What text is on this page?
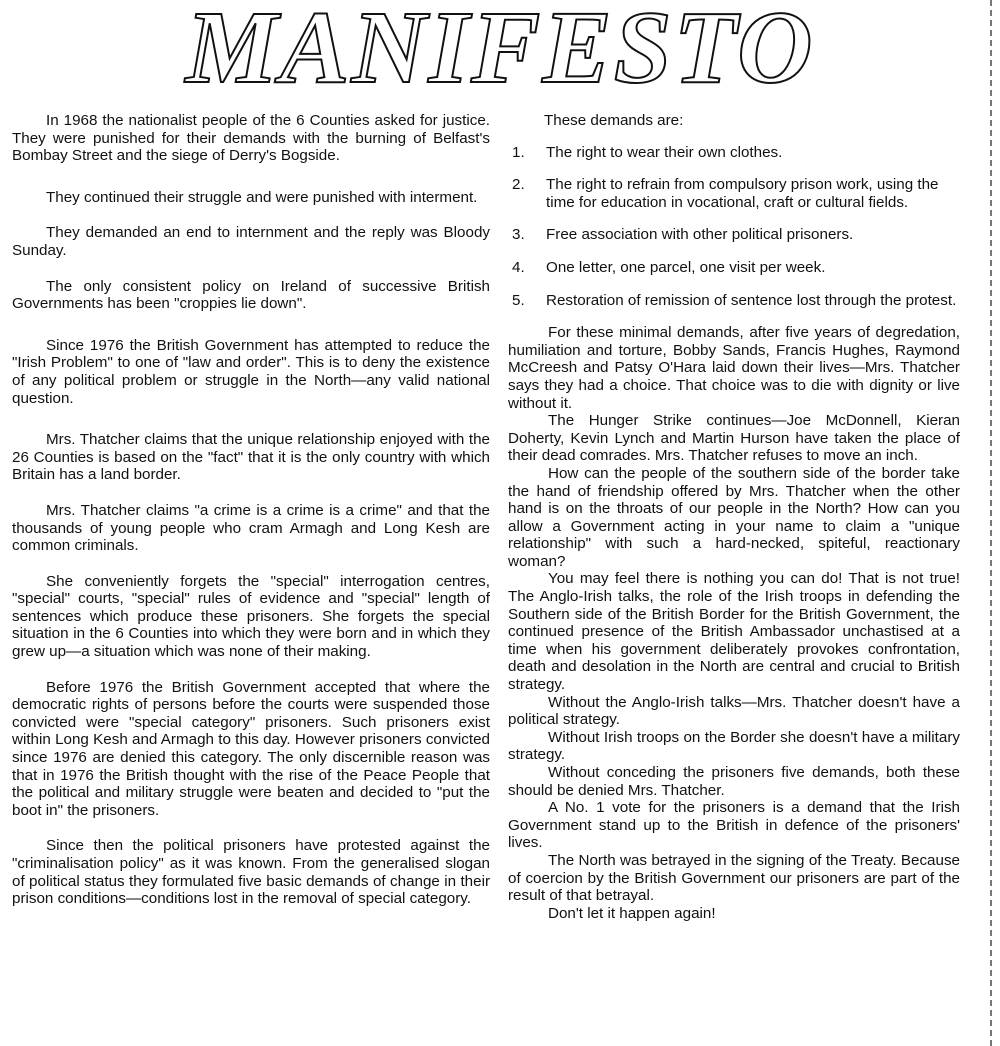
MANIFESTO

In 1968 the nationalist people of the 6 Counties asked for justice. They were punished for their demands with the burning of Belfast's Bombay Street and the siege of Derry's Bogside.

They continued their struggle and were punished with interment.

They demanded an end to internment and the reply was Bloody Sunday.

The only consistent policy on Ireland of successive British Governments has been "croppies lie down".

Since 1976 the British Government has attempted to reduce the "Irish Problem" to one of "law and order". This is to deny the existence of any political problem or struggle in the North—any valid national question.

Mrs. Thatcher claims that the unique relationship enjoyed with the 26 Counties is based on the "fact" that it is the only country with which Britain has a land border.

Mrs. Thatcher claims "a crime is a crime is a crime" and that the thousands of young people who cram Armagh and Long Kesh are common criminals.

She conveniently forgets the "special" interrogation centres, "special" courts, "special" rules of evidence and "special" length of sentences which produce these prisoners. She forgets the special situation in the 6 Counties into which they were born and in which they grew up—a situation which was none of their making.

Before 1976 the British Government accepted that where the democratic rights of persons before the courts were suspended those convicted were "special category" prisoners. Such prisoners exist within Long Kesh and Armagh to this day. However prisoners convicted since 1976 are denied this category. The only discernible reason was that in 1976 the British thought with the rise of the Peace People that the political and military struggle were beaten and decided to "put the boot in" the prisoners.

Since then the political prisoners have protested against the "criminalisation policy" as it was known. From the generalised slogan of political status they formulated five basic demands of change in their prison conditions—conditions lost in the removal of special category.

These demands are:
1. The right to wear their own clothes.
2. The right to refrain from compulsory prison work, using the time for education in vocational, craft or cultural fields.
3. Free association with other political prisoners.
4. One letter, one parcel, one visit per week.
5. Restoration of remission of sentence lost through the protest.

For these minimal demands, after five years of degredation, humiliation and torture, Bobby Sands, Francis Hughes, Raymond McCreesh and Patsy O'Hara laid down their lives—Mrs. Thatcher says they had a choice. That choice was to die with dignity or live without it.

The Hunger Strike continues—Joe McDonnell, Kieran Doherty, Kevin Lynch and Martin Hurson have taken the place of their dead comrades. Mrs. Thatcher refuses to move an inch.

How can the people of the southern side of the border take the hand of friendship offered by Mrs. Thatcher when the other hand is on the throats of our people in the North? How can you allow a Government acting in your name to claim a "unique relationship" with such a hard-necked, spiteful, reactionary woman?

You may feel there is nothing you can do! That is not true! The Anglo-Irish talks, the role of the Irish troops in defending the Southern side of the British Border for the British Government, the continued presence of the British Ambassador unchastised at a time when his government deliberately provokes confrontation, death and desolation in the North are central and crucial to British strategy.

Without the Anglo-Irish talks—Mrs. Thatcher doesn't have a political strategy.

Without Irish troops on the Border she doesn't have a military strategy.

Without conceding the prisoners five demands, both these should be denied Mrs. Thatcher.

A No. 1 vote for the prisoners is a demand that the Irish Government stand up to the British in defence of the prisoners' lives.

The North was betrayed in the signing of the Treaty. Because of coercion by the British Government our prisoners are part of the result of that betrayal.

Don't let it happen again!
